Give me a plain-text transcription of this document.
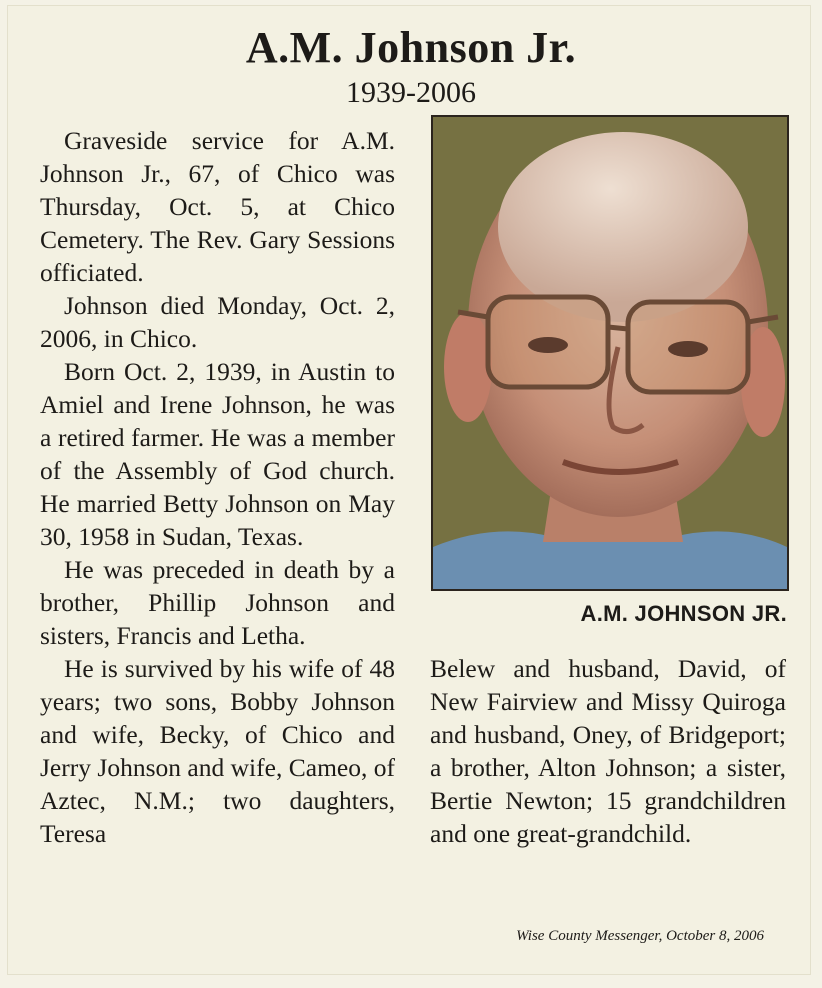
A.M. Johnson Jr.
1939-2006

Graveside service for A.M. Johnson Jr., 67, of Chico was Thursday, Oct. 5, at Chico Cemetery. The Rev. Gary Sessions officiated.

Johnson died Monday, Oct. 2, 2006, in Chico.

Born Oct. 2, 1939, in Austin to Amiel and Irene Johnson, he was a retired farmer. He was a member of the Assembly of God church. He married Betty Johnson on May 30, 1958 in Sudan, Texas.

He was preceded in death by a brother, Phillip Johnson and sisters, Francis and Letha.

He is survived by his wife of 48 years; two sons, Bobby Johnson and wife, Becky, of Chico and Jerry Johnson and wife, Cameo, of Aztec, N.M.; two daughters, Teresa

A.M. JOHNSON JR.

Belew and husband, David, of New Fairview and Missy Quiroga and husband, Oney, of Bridgeport; a brother, Alton Johnson; a sister, Bertie Newton; 15 grandchildren and one great-grandchild.

Wise County Messenger, October 8, 2006
